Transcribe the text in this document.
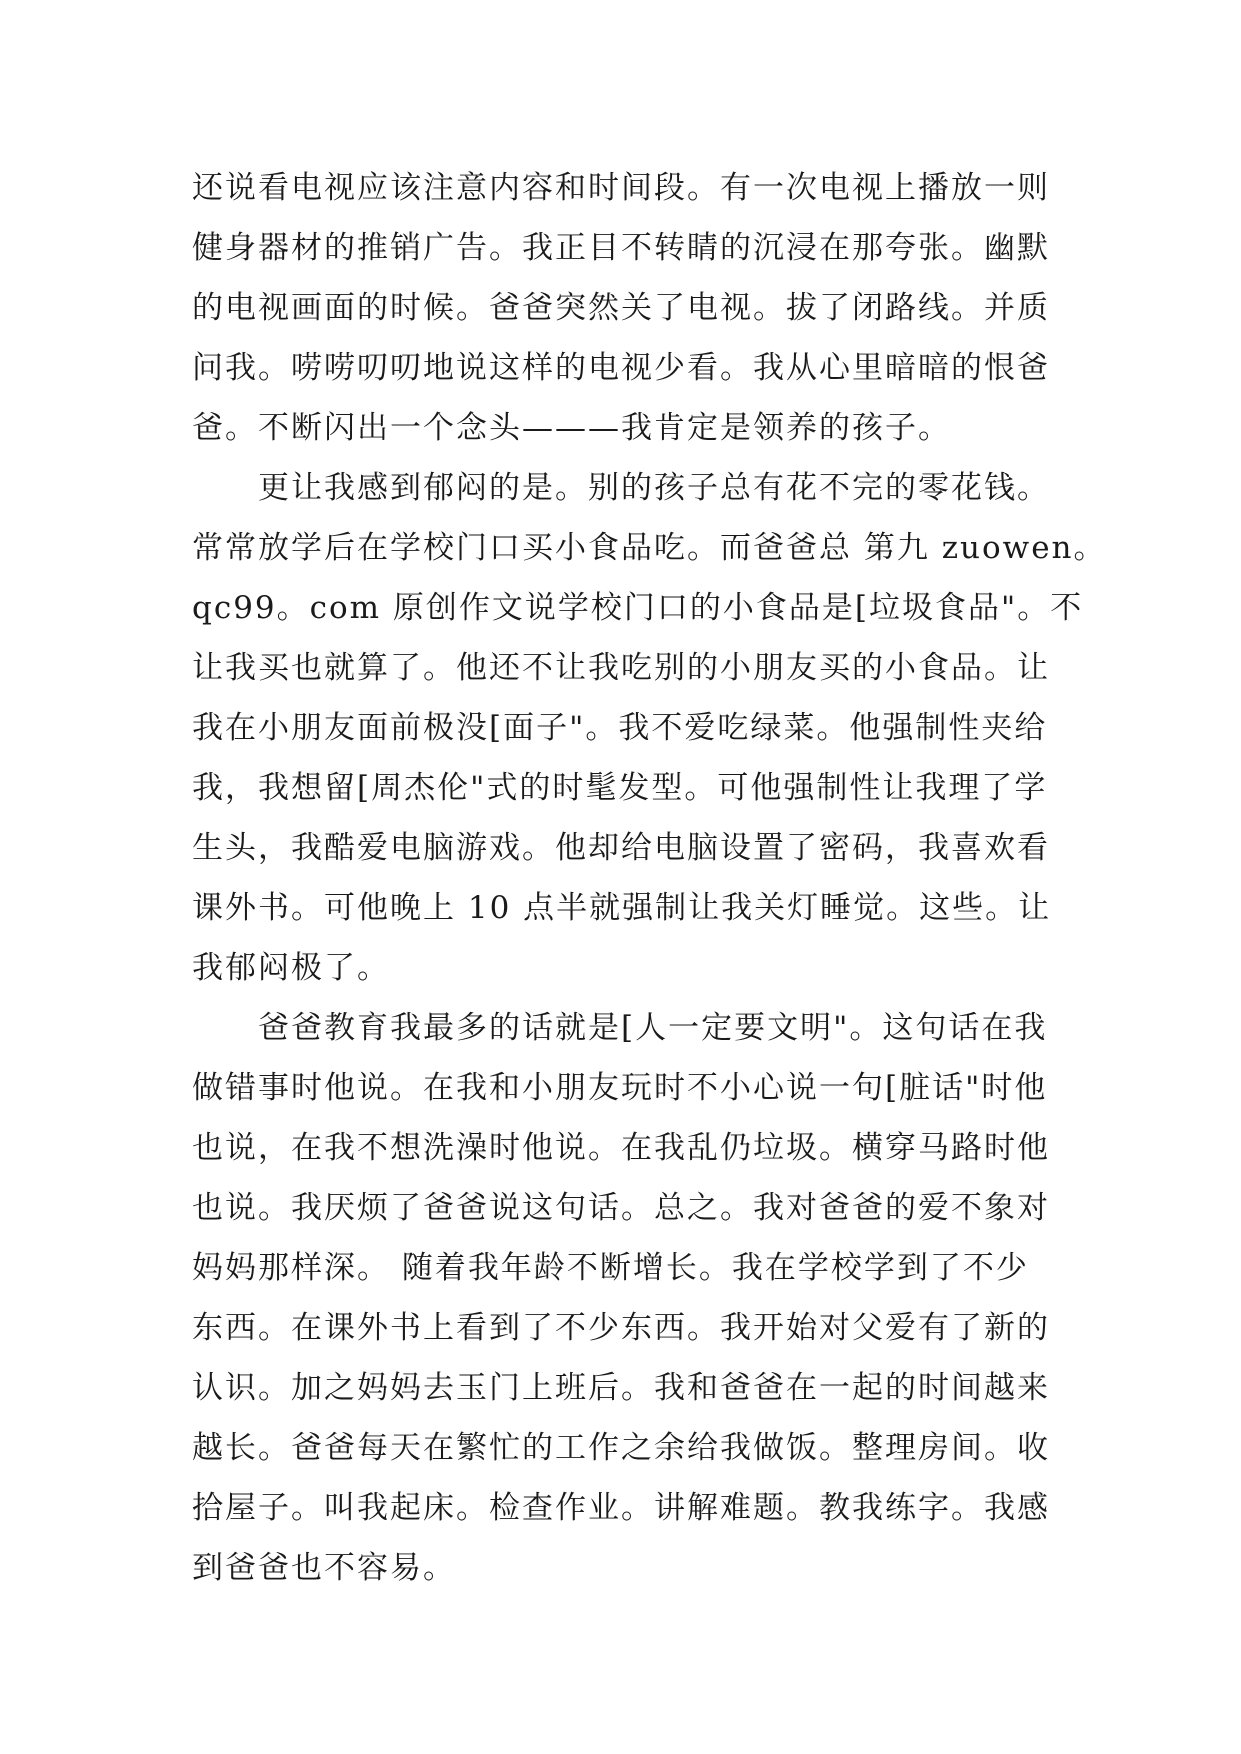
还说看电视应该注意内容和时间段。有一次电视上播放一则
健身器材的推销广告。我正目不转睛的沉浸在那夸张。幽默
的电视画面的时候。爸爸突然关了电视。拔了闭路线。并质
问我。唠唠叨叨地说这样的电视少看。我从心里暗暗的恨爸
爸。不断闪出一个念头———我肯定是领养的孩子。
　　更让我感到郁闷的是。别的孩子总有花不完的零花钱。
常常放学后在学校门口买小食品吃。而爸爸总 第九 zuowen。
qc99。com 原创作文说学校门口的小食品是[垃圾食品"。不
让我买也就算了。他还不让我吃别的小朋友买的小食品。让
我在小朋友面前极没[面子"。我不爱吃绿菜。他强制性夹给
我，我想留[周杰伦"式的时髦发型。可他强制性让我理了学
生头，我酷爱电脑游戏。他却给电脑设置了密码，我喜欢看
课外书。可他晚上 10 点半就强制让我关灯睡觉。这些。让
我郁闷极了。
　　爸爸教育我最多的话就是[人一定要文明"。这句话在我
做错事时他说。在我和小朋友玩时不小心说一句[脏话"时他
也说，在我不想洗澡时他说。在我乱仍垃圾。横穿马路时他
也说。我厌烦了爸爸说这句话。总之。我对爸爸的爱不象对
妈妈那样深。 随着我年龄不断增长。我在学校学到了不少
东西。在课外书上看到了不少东西。我开始对父爱有了新的
认识。加之妈妈去玉门上班后。我和爸爸在一起的时间越来
越长。爸爸每天在繁忙的工作之余给我做饭。整理房间。收
拾屋子。叫我起床。检查作业。讲解难题。教我练字。我感
到爸爸也不容易。
